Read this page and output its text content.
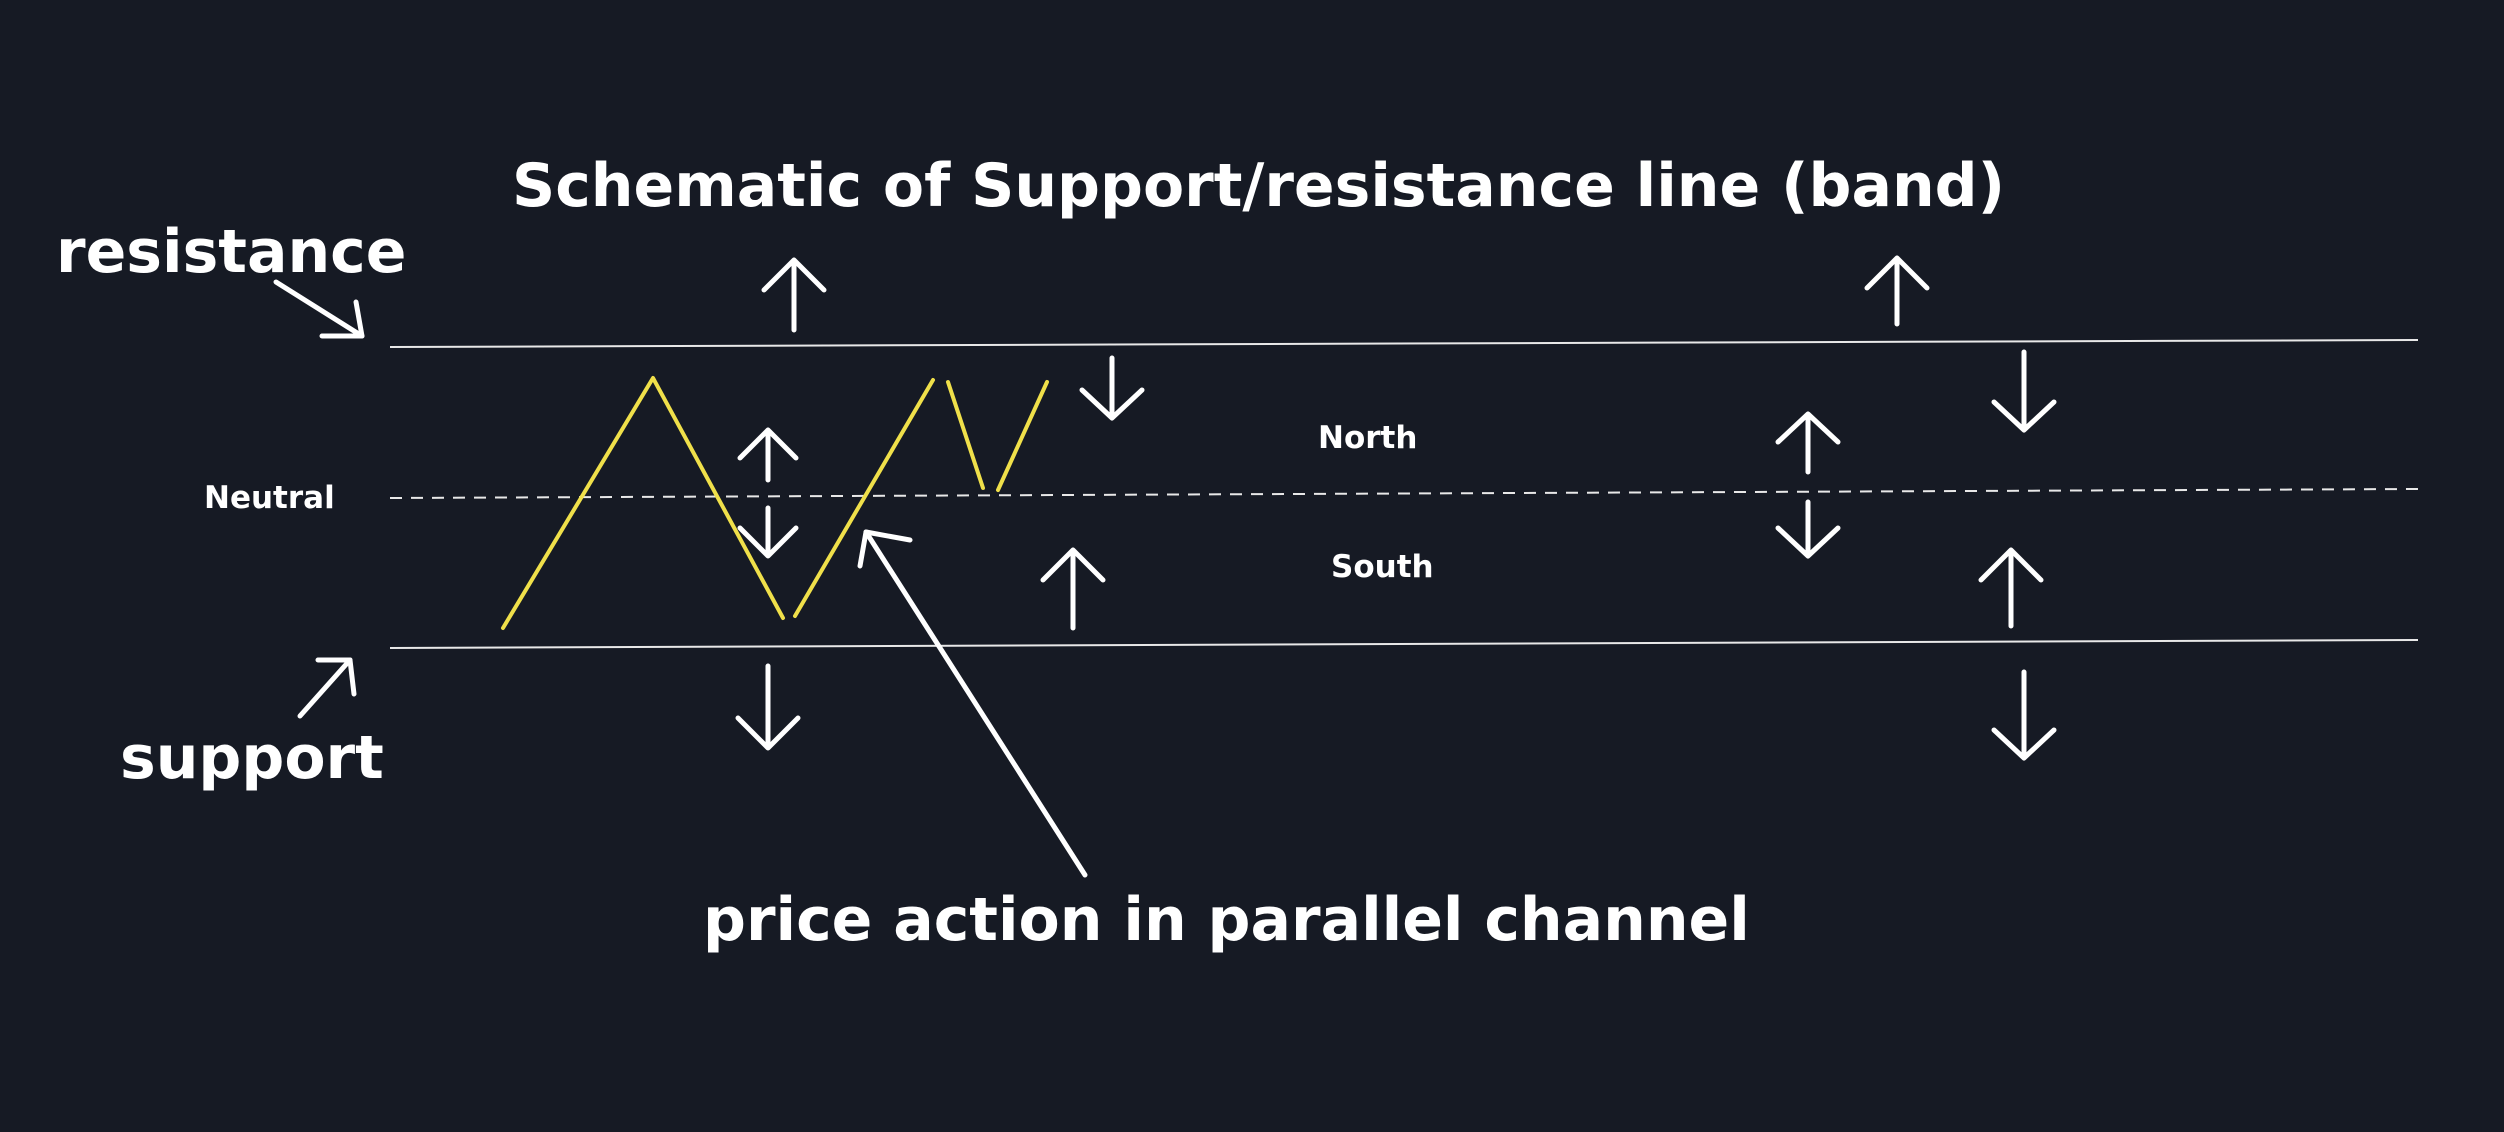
Schematic of Support/resistance line (band)
resistance
Neutral
support
North
South
price action in parallel channel
